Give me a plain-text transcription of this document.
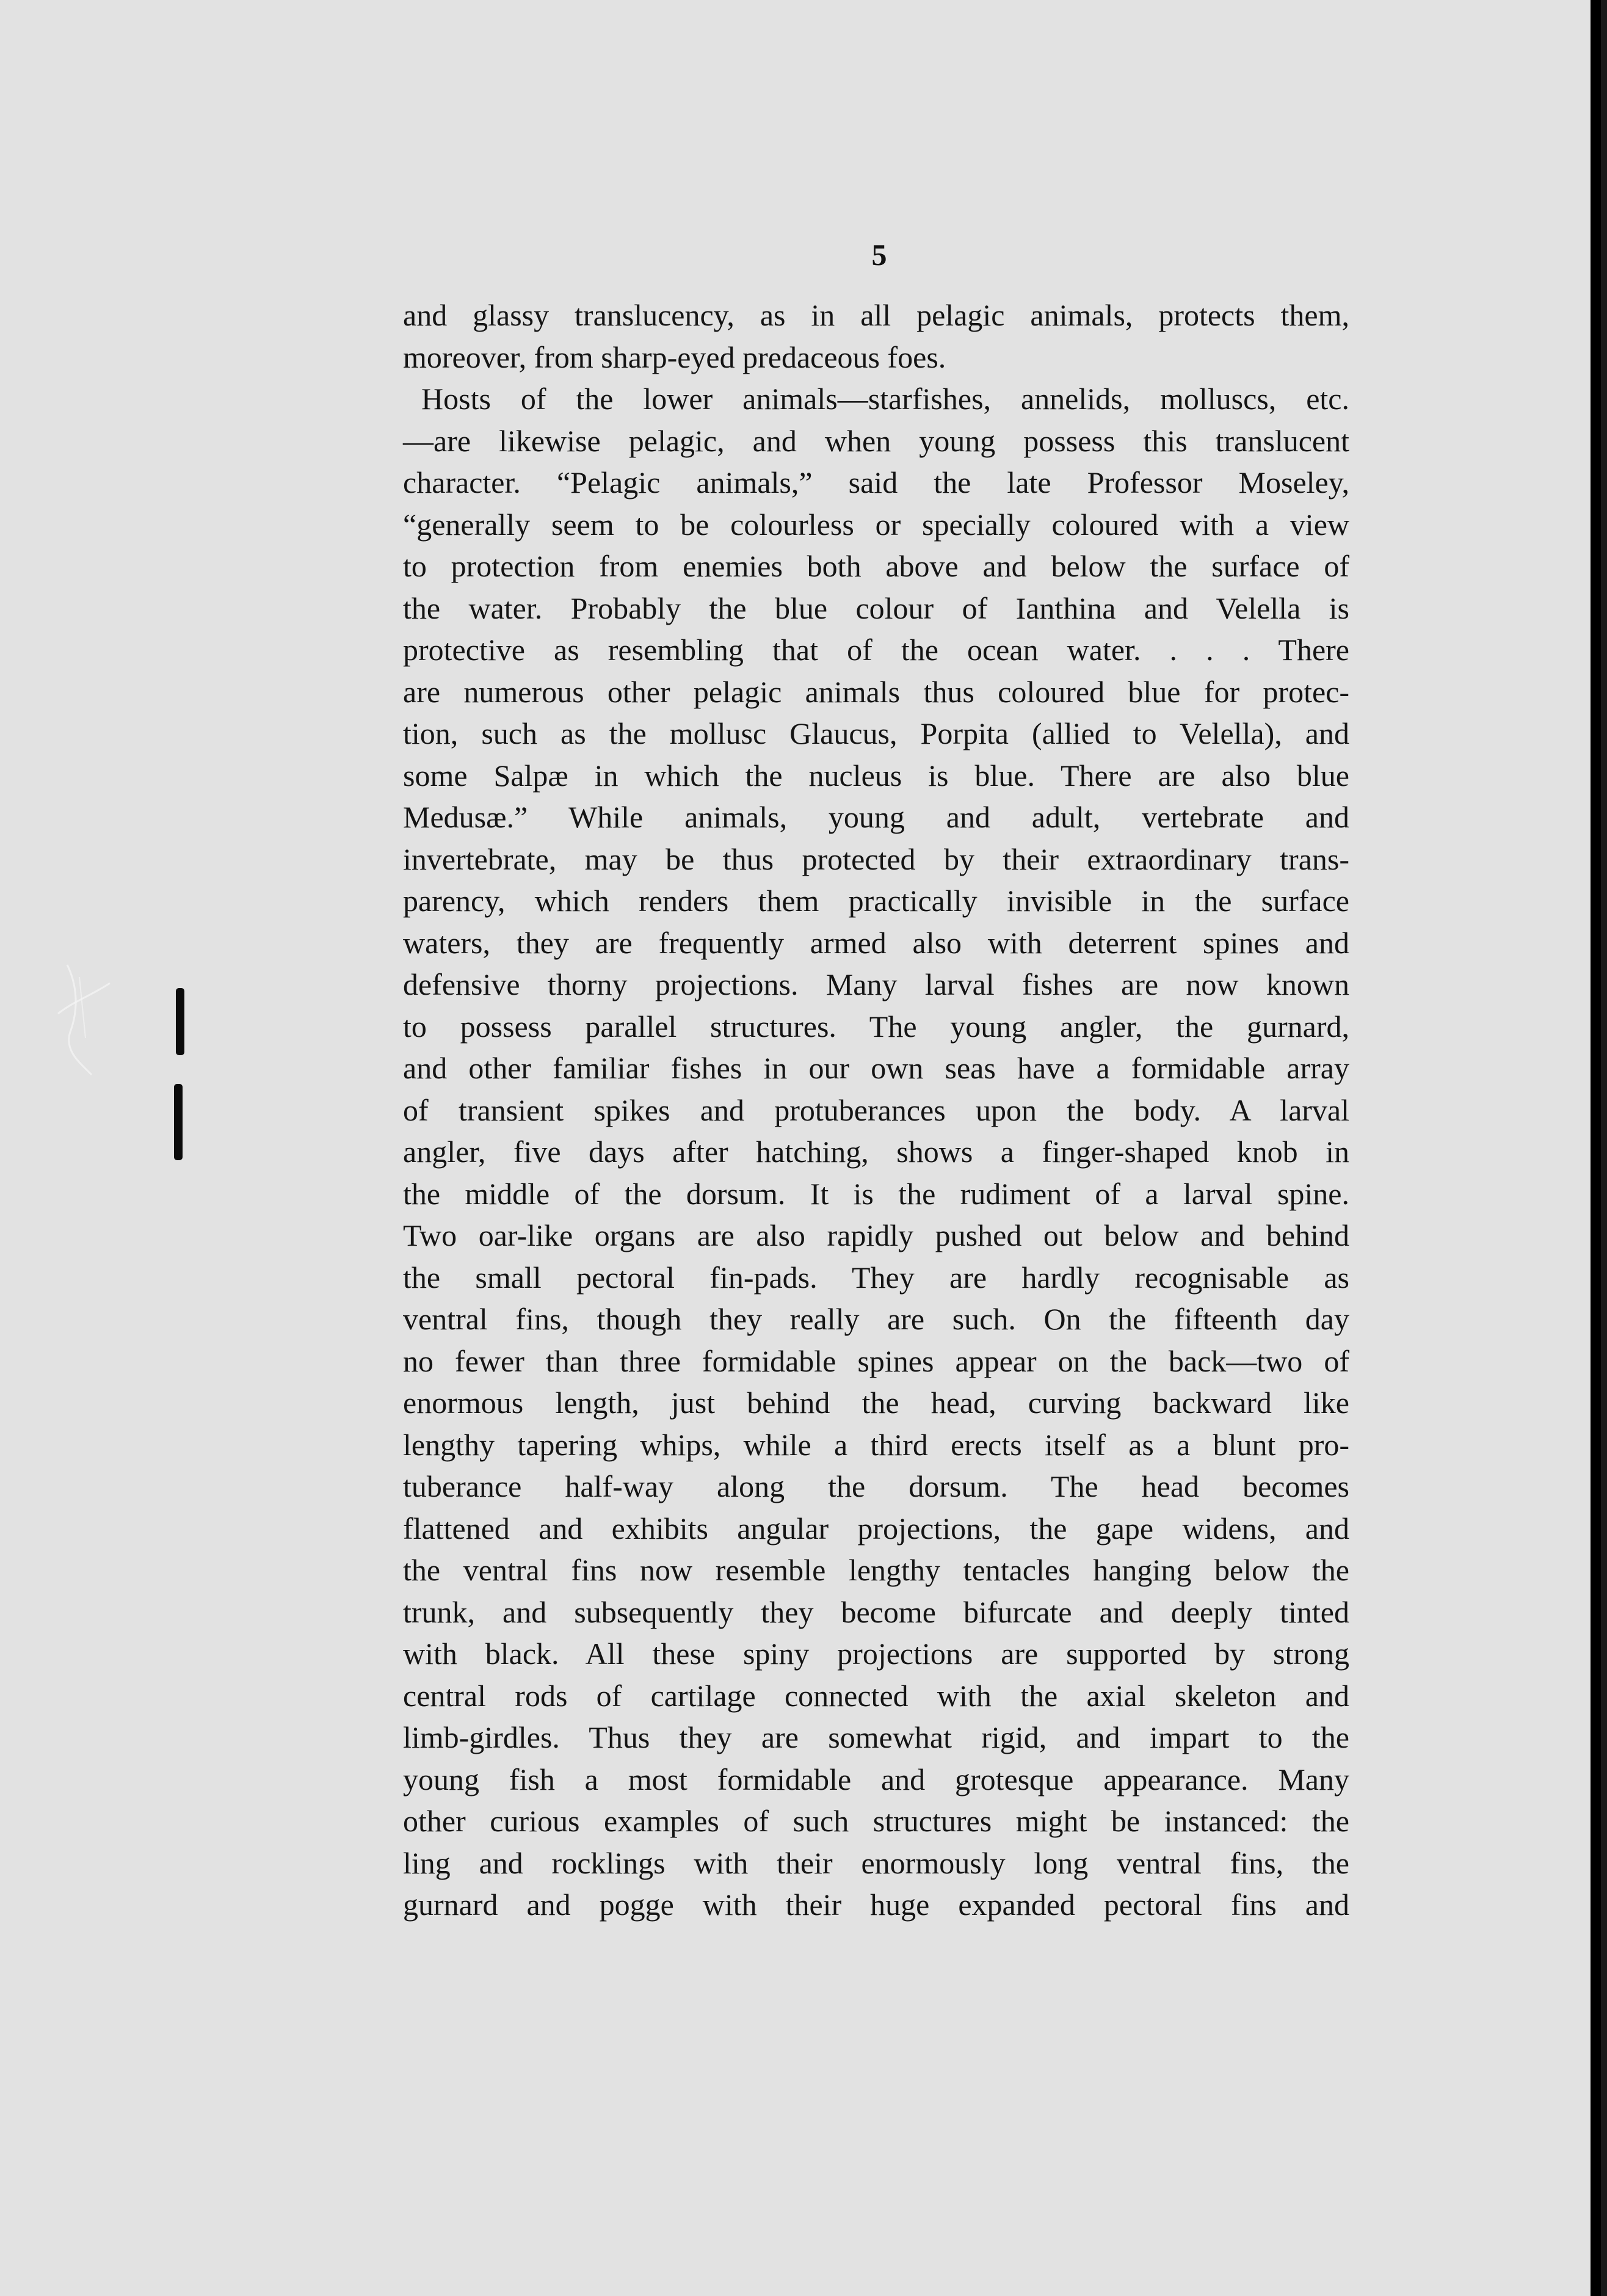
5
and glassy translucency, as in all pelagic animals, protects them,
moreover, from sharp-eyed predaceous foes.
Hosts of the lower animals—starfishes, annelids, molluscs, etc.
—are likewise pelagic, and when young possess this translucent
character. “Pelagic animals,” said the late Professor Moseley,
“generally seem to be colourless or specially coloured with a view
to protection from enemies both above and below the surface of
the water. Probably the blue colour of Ianthina and Velella is
protective as resembling that of the ocean water. . . . There
are numerous other pelagic animals thus coloured blue for protec-
tion, such as the mollusc Glaucus, Porpita (allied to Velella), and
some Salpæ in which the nucleus is blue. There are also blue
Medusæ.” While animals, young and adult, vertebrate and
invertebrate, may be thus protected by their extraordinary trans-
parency, which renders them practically invisible in the surface
waters, they are frequently armed also with deterrent spines and
defensive thorny projections. Many larval fishes are now known
to possess parallel structures. The young angler, the gurnard,
and other familiar fishes in our own seas have a formidable array
of transient spikes and protuberances upon the body. A larval
angler, five days after hatching, shows a finger-shaped knob in
the middle of the dorsum. It is the rudiment of a larval spine.
Two oar-like organs are also rapidly pushed out below and behind
the small pectoral fin-pads. They are hardly recognisable as
ventral fins, though they really are such. On the fifteenth day
no fewer than three formidable spines appear on the back—two of
enormous length, just behind the head, curving backward like
lengthy tapering whips, while a third erects itself as a blunt pro-
tuberance half-way along the dorsum. The head becomes
flattened and exhibits angular projections, the gape widens, and
the ventral fins now resemble lengthy tentacles hanging below the
trunk, and subsequently they become bifurcate and deeply tinted
with black. All these spiny projections are supported by strong
central rods of cartilage connected with the axial skeleton and
limb-girdles. Thus they are somewhat rigid, and impart to the
young fish a most formidable and grotesque appearance. Many
other curious examples of such structures might be instanced: the
ling and rocklings with their enormously long ventral fins, the
gurnard and pogge with their huge expanded pectoral fins and
